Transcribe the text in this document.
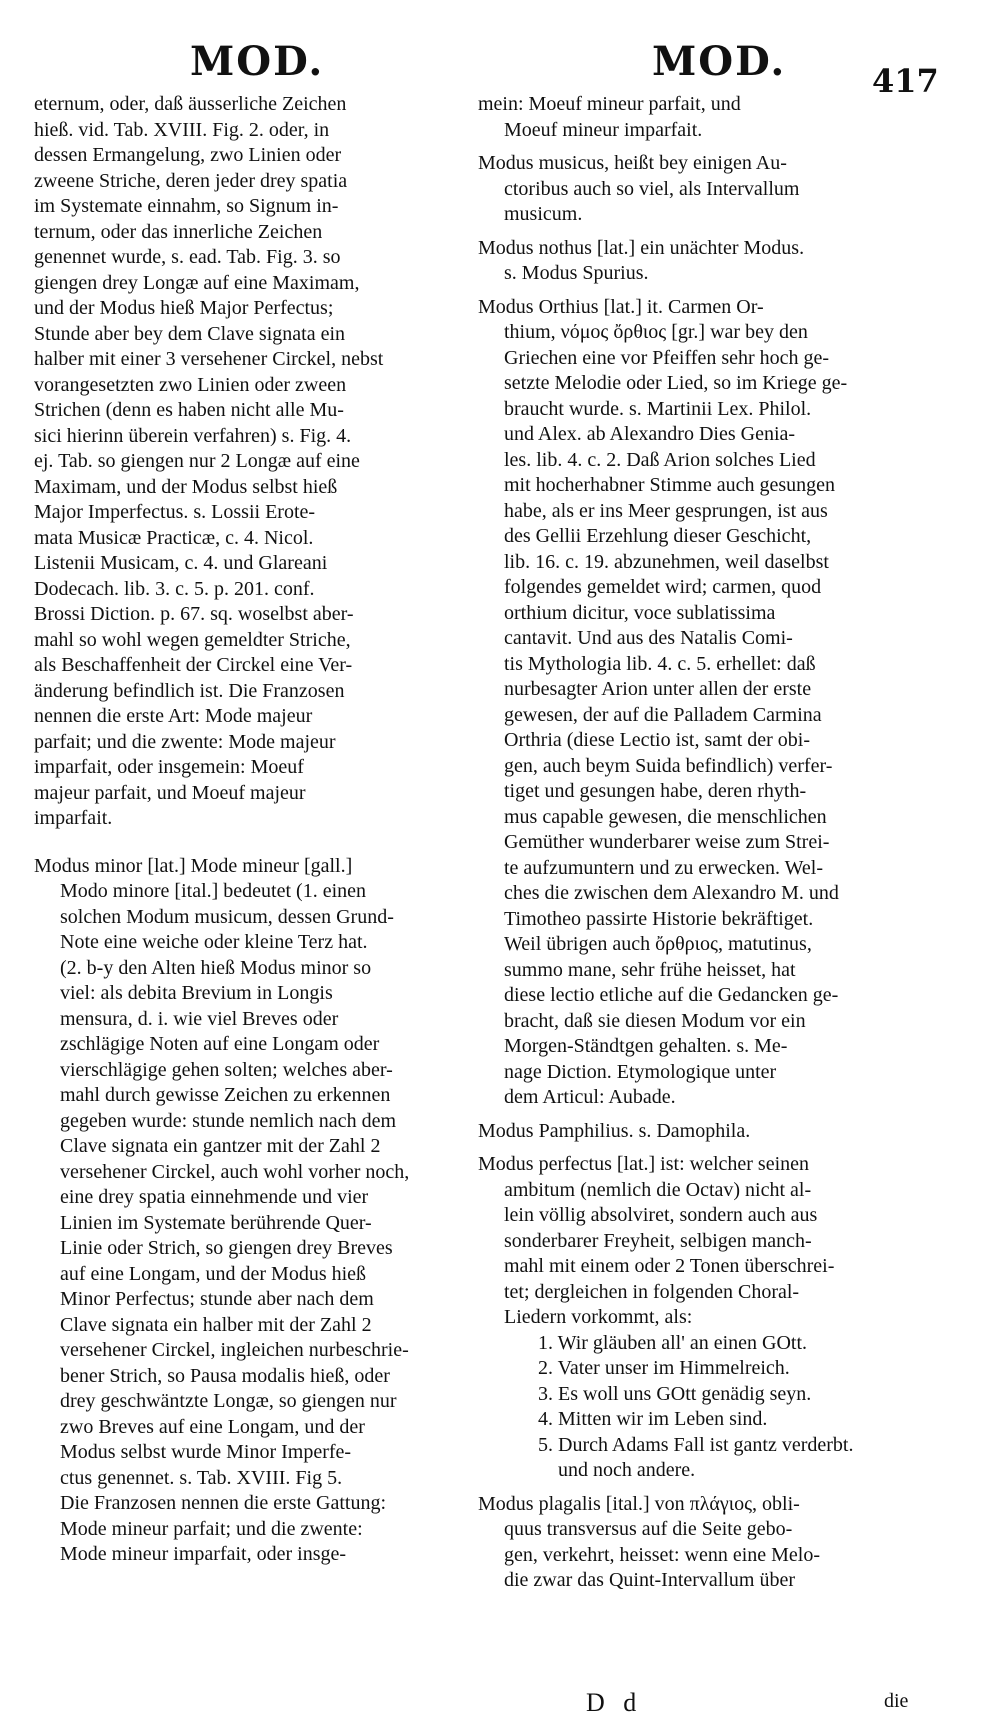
MOD.	MOD.	417
eternum, oder, daß äusserliche Zeichen
hieß. vid. Tab. XVIII. Fig. 2. oder, in
dessen Ermangelung, zwo Linien oder
zweene Striche, deren jeder drey spatia
im Systemate einnahm, so Signum in-
ternum, oder das innerliche Zeichen
genennet wurde, s. ead. Tab. Fig. 3. so
giengen drey Longæ auf eine Maximam,
und der Modus hieß Major Perfectus;
Stunde aber bey dem Clave signata ein
halber mit einer 3 versehener Circkel, nebst
vorangesetzten zwo Linien oder zween
Strichen (denn es haben nicht alle Mu-
sici hierinn überein verfahren) s. Fig. 4.
ej. Tab. so giengen nur 2 Longæ auf eine
Maximam, und der Modus selbst hieß
Major Imperfectus. s. Lossii Erote-
mata Musicæ Practicæ, c. 4. Nicol.
Listenii Musicam, c. 4. und Glareani
Dodecach. lib. 3. c. 5. p. 201. conf.
Brossi Diction. p. 67. sq. woselbst aber-
mahl so wohl wegen gemeldter Striche,
als Beschaffenheit der Circkel eine Ver-
änderung befindlich ist. Die Franzosen
nennen die erste Art: Mode majeur
parfait; und die zwente: Mode majeur
imparfait, oder insgemein: Moeuf
majeur parfait, und Moeuf majeur
imparfait.
Modus minor [lat.] Mode mineur [gall.]
Modo minore [ital.] bedeutet (1. einen
solchen Modum musicum, dessen Grund-
Note eine weiche oder kleine Terz hat.
(2. b-y den Alten hieß Modus minor so
viel: als debita Brevium in Longis
mensura, d. i. wie viel Breves oder
zschlägige Noten auf eine Longam oder
vierschlägige gehen solten; welches aber-
mahl durch gewisse Zeichen zu erkennen
gegeben wurde: stunde nemlich nach dem
Clave signata ein gantzer mit der Zahl 2
versehener Circkel, auch wohl vorher noch,
eine drey spatia einnehmende und vier
Linien im Systemate berührende Quer-
Linie oder Strich, so giengen drey Breves
auf eine Longam, und der Modus hieß
Minor Perfectus; stunde aber nach dem
Clave signata ein halber mit der Zahl 2
versehener Circkel, ingleichen nurbeschrie-
bener Strich, so Pausa modalis hieß, oder
drey geschwäntzte Longæ, so giengen nur
zwo Breves auf eine Longam, und der
Modus selbst wurde Minor Imperfe-
ctus genennet. s. Tab. XVIII. Fig 5.
Die Franzosen nennen die erste Gattung:
Mode mineur parfait; und die zwente:
Mode mineur imparfait, oder insge-
mein: Moeuf mineur parfait, und
Moeuf mineur imparfait.
Modus musicus, heißt bey einigen Au-
ctoribus auch so viel, als Intervallum
musicum.
Modus nothus [lat.] ein unächter Modus.
s. Modus Spurius.
Modus Orthius [lat.] it. Carmen Or-
thium, νόμος ὄρθιος [gr.] war bey den
Griechen eine vor Pfeiffen sehr hoch ge-
setzte Melodie oder Lied, so im Kriege ge-
braucht wurde. s. Martinii Lex. Philol.
und Alex. ab Alexandro Dies Genia-
les. lib. 4. c. 2. Daß Arion solches Lied
mit hocherhabner Stimme auch gesungen
habe, als er ins Meer gesprungen, ist aus
des Gellii Erzehlung dieser Geschicht,
lib. 16. c. 19. abzunehmen, weil daselbst
folgendes gemeldet wird; carmen, quod
orthium dicitur, voce sublatissima
cantavit. Und aus des Natalis Comi-
tis Mythologia lib. 4. c. 5. erhellet: daß
nurbesagter Arion unter allen der erste
gewesen, der auf die Palladem Carmina
Orthria (diese Lectio ist, samt der obi-
gen, auch beym Suida befindlich) verfer-
tiget und gesungen habe, deren rhyth-
mus capable gewesen, die menschlichen
Gemüther wunderbarer weise zum Strei-
te aufzumuntern und zu erwecken. Wel-
ches die zwischen dem Alexandro M. und
Timotheo passirte Historie bekräftiget.
Weil übrigen auch ὄρθριος, matutinus,
summo mane, sehr frühe heisset, hat
diese lectio etliche auf die Gedancken ge-
bracht, daß sie diesen Modum vor ein
Morgen-Ständtgen gehalten. s. Me-
nage Diction. Etymologique unter
dem Articul: Aubade.
Modus Pamphilius. s. Damophila.
Modus perfectus [lat.] ist: welcher seinen
ambitum (nemlich die Octav) nicht al-
lein völlig absolviret, sondern auch aus
sonderbarer Freyheit, selbigen manch-
mahl mit einem oder 2 Tonen überschrei-
tet; dergleichen in folgenden Choral-
Liedern vorkommt, als:
1. Wir gläuben all' an einen GOtt.
2. Vater unser im Himmelreich.
3. Es woll uns GOtt genädig seyn.
4. Mitten wir im Leben sind.
5. Durch Adams Fall ist gantz verderbt.
und noch andere.
Modus plagalis [ital.] von πλάγιος, obli-
quus transversus auf die Seite gebo-
gen, verkehrt, heisset: wenn eine Melo-
die zwar das Quint-Intervallum über
D d	die
